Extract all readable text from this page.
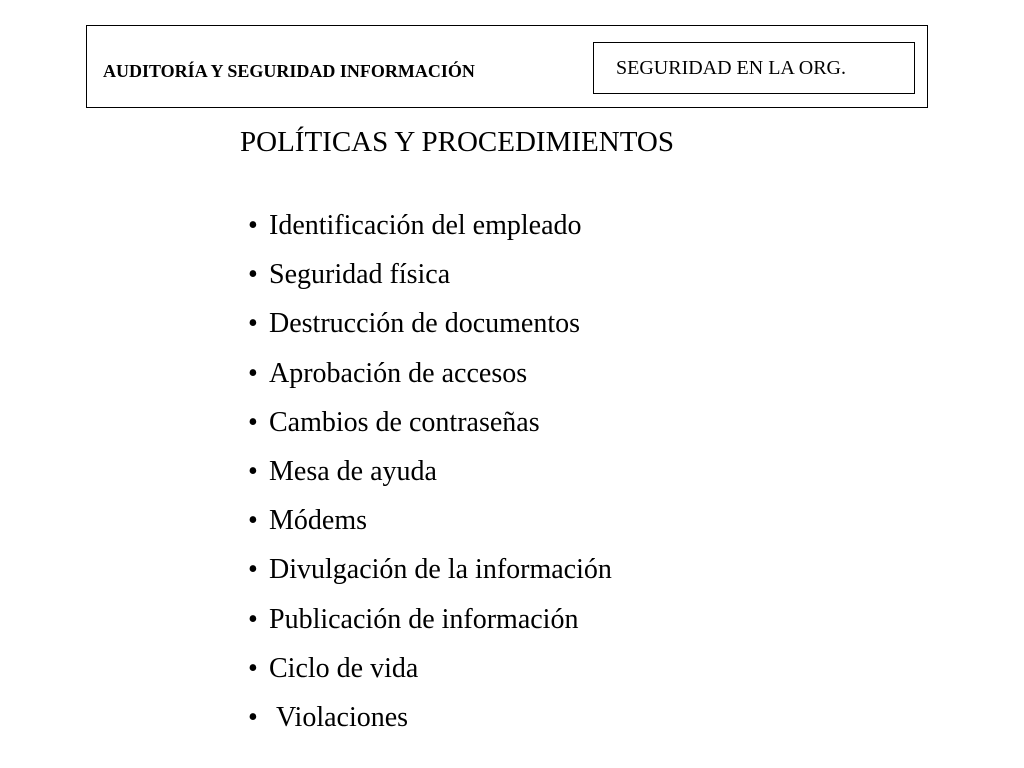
AUDITORÍA Y SEGURIDAD INFORMACIÓN	SEGURIDAD EN LA ORG.
POLÍTICAS Y PROCEDIMIENTOS
• Identificación del empleado
• Seguridad física
• Destrucción de documentos
• Aprobación de accesos
• Cambios de contraseñas
• Mesa de ayuda
• Módems
• Divulgación de la información
• Publicación de información
• Ciclo de vida
• Violaciones
